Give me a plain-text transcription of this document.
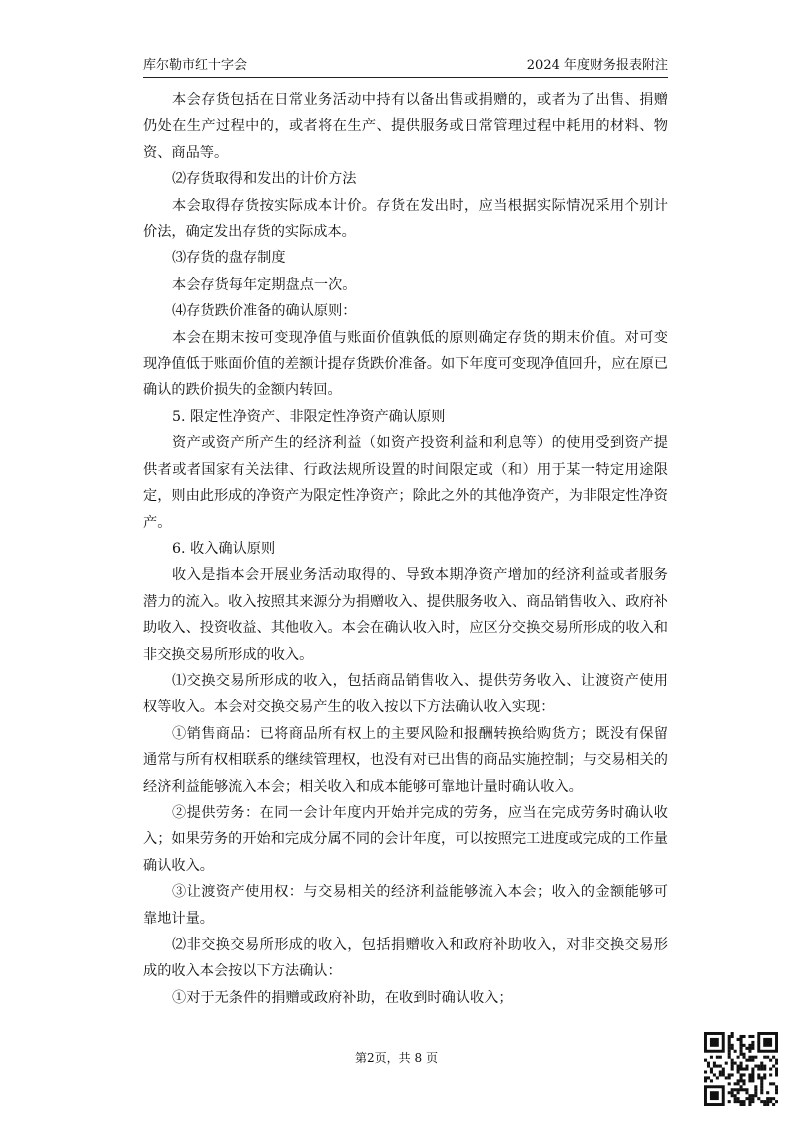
库尔勒市红十字会	2024 年度财务报表附注

本会存货包括在日常业务活动中持有以备出售或捐赠的，或者为了出售、捐赠仍处在生产过程中的，或者将在生产、提供服务或日常管理过程中耗用的材料、物资、商品等。

⑵存货取得和发出的计价方法

本会取得存货按实际成本计价。存货在发出时，应当根据实际情况采用个别计价法，确定发出存货的实际成本。

⑶存货的盘存制度

本会存货每年定期盘点一次。

⑷存货跌价准备的确认原则：

本会在期末按可变现净值与账面价值孰低的原则确定存货的期末价值。对可变现净值低于账面价值的差额计提存货跌价准备。如下年度可变现净值回升，应在原已确认的跌价损失的金额内转回。

5. 限定性净资产、非限定性净资产确认原则

资产或资产所产生的经济利益（如资产投资利益和利息等）的使用受到资产提供者或者国家有关法律、行政法规所设置的时间限定或（和）用于某一特定用途限定，则由此形成的净资产为限定性净资产；除此之外的其他净资产，为非限定性净资产。

6. 收入确认原则

收入是指本会开展业务活动取得的、导致本期净资产增加的经济利益或者服务潜力的流入。收入按照其来源分为捐赠收入、提供服务收入、商品销售收入、政府补助收入、投资收益、其他收入。本会在确认收入时，应区分交换交易所形成的收入和非交换交易所形成的收入。

⑴交换交易所形成的收入，包括商品销售收入、提供劳务收入、让渡资产使用权等收入。本会对交换交易产生的收入按以下方法确认收入实现：

①销售商品：已将商品所有权上的主要风险和报酬转换给购货方；既没有保留通常与所有权相联系的继续管理权，也没有对已出售的商品实施控制；与交易相关的经济利益能够流入本会；相关收入和成本能够可靠地计量时确认收入。

②提供劳务：在同一会计年度内开始并完成的劳务，应当在完成劳务时确认收入；如果劳务的开始和完成分属不同的会计年度，可以按照完工进度或完成的工作量确认收入。

③让渡资产使用权：与交易相关的经济利益能够流入本会；收入的金额能够可靠地计量。

⑵非交换交易所形成的收入，包括捐赠收入和政府补助收入，对非交换交易形成的收入本会按以下方法确认：

①对于无条件的捐赠或政府补助，在收到时确认收入；

第2页，共 8 页
